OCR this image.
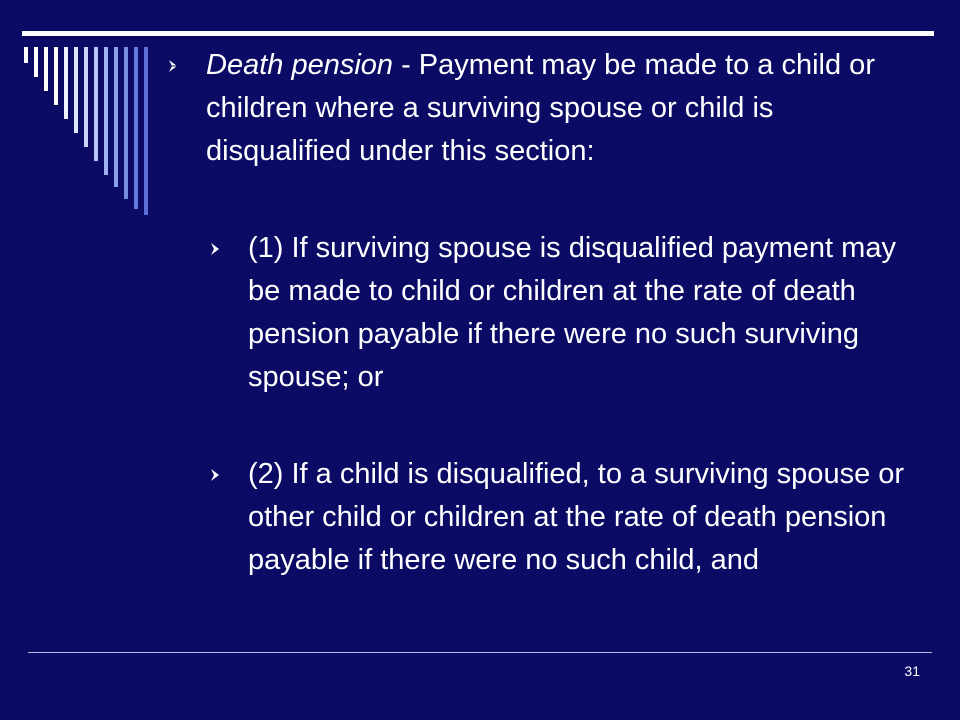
Death pension - Payment may be made to a child or children where a surviving spouse or child is disqualified under this section:
(1) If surviving spouse is disqualified payment may be made to child or children at the rate of death pension payable if there were no such surviving spouse; or
(2) If a child is disqualified, to a surviving spouse or other child or children at the rate of death pension payable if there were no such child, and
31
